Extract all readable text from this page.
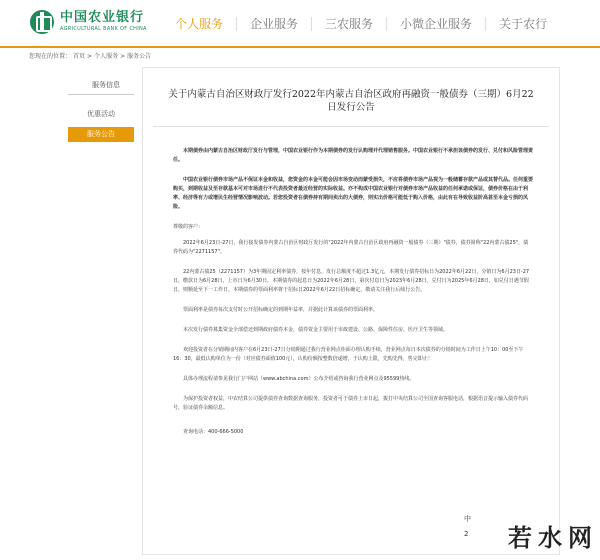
中国农业银行
AGRICULTURAL BANK OF CHINA	个人服务	企业服务	三农服务	小微企业服务	关于农行
您现在的位置： 首页 > 个人服务 > 服务公告
服务信息
优惠活动
服务公告
关于内蒙古自治区财政厅发行2022年内蒙古自治区政府再融资一般债券（三期）6月22日发行公告
本期债券由内蒙古自治区财政厅发行与管理，中国农业银行作为本期债券的发行认购理并代理销售服务。中国农业银行不承担该债券的发行、兑付和风险管理责任。
中国农业银行债券市场产品不保证本金和收益，您资金的本金可能会因市场变动而蒙受损失，不应将债券市场产品视为一般储蓄存款产品或其替代品。任何重要购买，到期收益及至存款基本可对市场进行不代表投资者最近经营的实际收益。亦不构成中国农业银行对债券市场产品收益的任何承诺或保证，债券价格在由于利率、经济等有力或增民生经营情况影响波动。若您投资者在债券持有期间卖出的大债券，则实出价格可能低于购入价格，由此有在导致收益阶高甚至本金亏损的风险。
尊敬的客户：
2022年6月23日-27日，我行接发债券内蒙古自治区财政厅发行的"2022年内蒙古自治区政府再融资一般债券（三期）"债券，债券简称"22内蒙古债25"，债券代码为"2271157"。
22内蒙古债25（2271157）为3年期固定利率债券，按年付息，发行总额度不超过1.3亿元，本期发行债券招标日为2022年6月22日，分销日为6月23日-27日，缴款日为6月28日，上市日为6月30日。本期债券的起息日为2022年6月28日，第次付息日为2023年6月28日，兑付日为2025年6月28日，如兑付日遇节假日，则顺延至下一工作日。本期债券的票面利率将于招标日2022年6月22日招标确定，敬请关注我行后续行公告。
票面利率是债券每次支付时公开招标确定的到期年益率，并据此计算该债券的票面利率。
本次发行债券募集资金全部偿还到期政府债券本金，债券资金主要用于市政建设、公路、保障性住房、医疗卫生等领域。
欢迎投资者在分销期间内客户在6月23日-27日分销期通过我行营业网点柜面办理认购手续，营业网点每日本次债券的分销时间为工作日上午10：00至下午16：30，最低认购单位为一份（对应债券面值100元），认购份额按整数倍递增，于认购上限，先购先得，售完即止！
具体办理流程请参见我行门户网站（www.abchina.com）公布介绍或咨询我行营业网点及95599热线。
为保护投资者权益，中农结算公司提供债券查询数据查询服务，投资者可于债券上市日起，拨打中央结算公司全国查询客服电话，根据语音提示输入债券代码号，验证债券余额信息。
查询电话：400-666-5000
中
2 若水网
